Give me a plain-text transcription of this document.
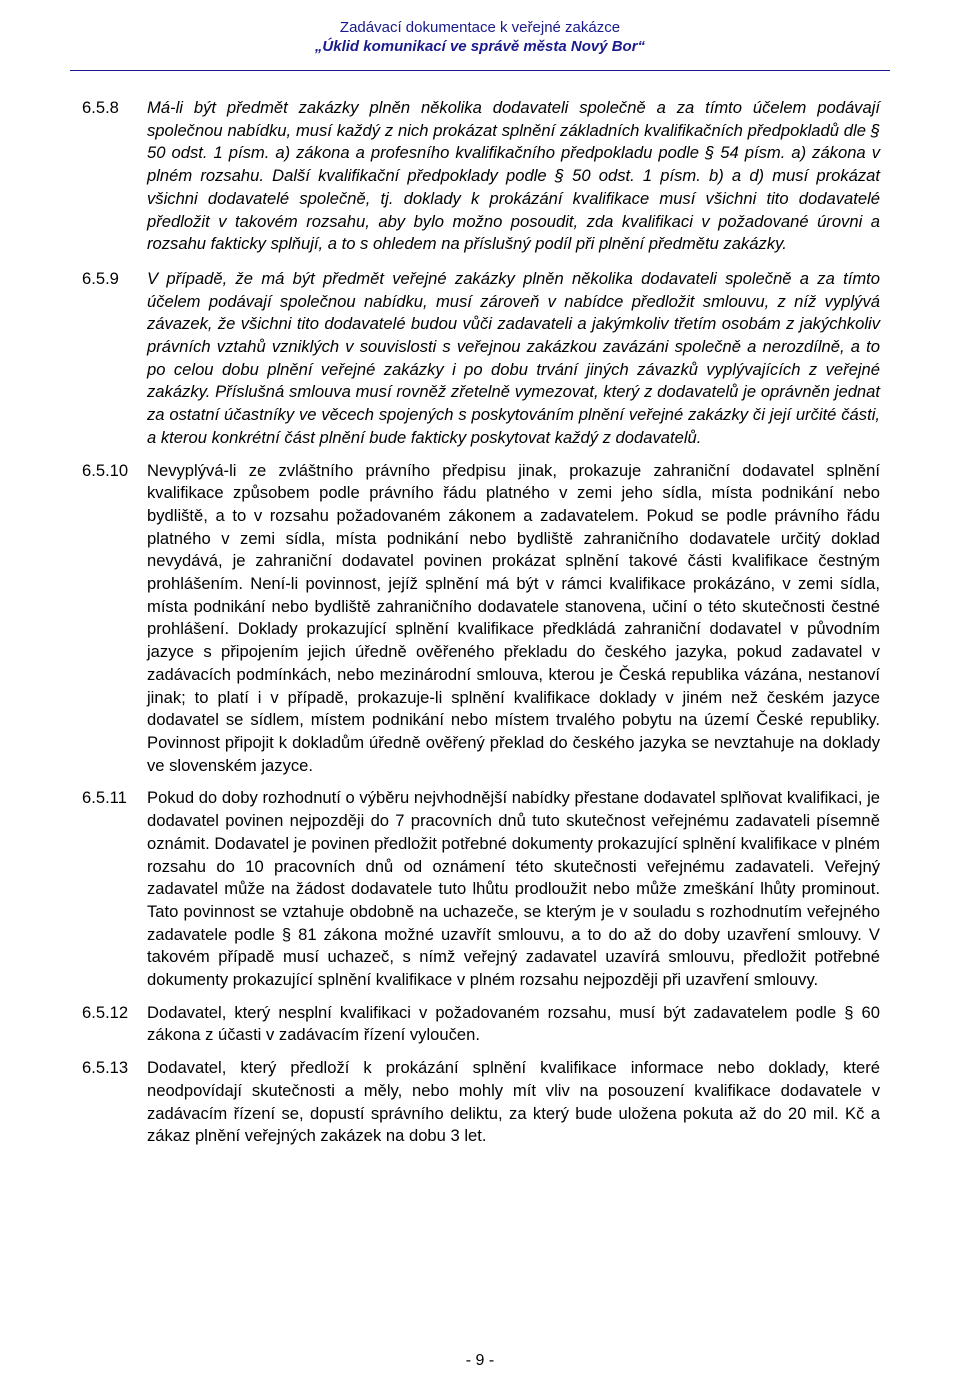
Zadávací dokumentace k veřejné zakázce
„Úklid komunikací ve správě města Nový Bor“
6.5.8 Má-li být předmět zakázky plněn několika dodavateli společně a za tímto účelem podávají společnou nabídku, musí každý z nich prokázat splnění základních kvalifikačních předpokladů dle § 50 odst. 1 písm. a) zákona a profesního kvalifikačního předpokladu podle § 54 písm. a) zákona v plném rozsahu. Další kvalifikační předpoklady podle § 50 odst. 1 písm. b) a d) musí prokázat všichni dodavatelé společně, tj. doklady k prokázání kvalifikace musí všichni tito dodavatelé předložit v takovém rozsahu, aby bylo možno posoudit, zda kvalifikaci v požadované úrovni a rozsahu fakticky splňují, a to s ohledem na příslušný podíl při plnění předmětu zakázky.
6.5.9 V případě, že má být předmět veřejné zakázky plněn několika dodavateli společně a za tímto účelem podávají společnou nabídku, musí zároveň v nabídce předložit smlouvu, z níž vyplývá závazek, že všichni tito dodavatelé budou vůči zadavateli a jakýmkoliv třetím osobám z jakýchkoliv právních vztahů vzniklých v souvislosti s veřejnou zakázkou zavázáni společně a nerozdílně, a to po celou dobu plnění veřejné zakázky i po dobu trvání jiných závazků vyplývajících z veřejné zakázky. Příslušná smlouva musí rovněž zřetelně vymezovat, který z dodavatelů je oprávněn jednat za ostatní účastníky ve věcech spojených s poskytováním plnění veřejné zakázky či její určité části, a kterou konkrétní část plnění bude fakticky poskytovat každý z dodavatelů.
6.5.10 Nevyplývá-li ze zvláštního právního předpisu jinak, prokazuje zahraniční dodavatel splnění kvalifikace způsobem podle právního řádu platného v zemi jeho sídla, místa podnikání nebo bydliště, a to v rozsahu požadovaném zákonem a zadavatelem. Pokud se podle právního řádu platného v zemi sídla, místa podnikání nebo bydliště zahraničního dodavatele určitý doklad nevydává, je zahraniční dodavatel povinen prokázat splnění takové části kvalifikace čestným prohlášením. Není-li povinnost, jejíž splnění má být v rámci kvalifikace prokázáno, v zemi sídla, místa podnikání nebo bydliště zahraničního dodavatele stanovena, učiní o této skutečnosti čestné prohlášení. Doklady prokazující splnění kvalifikace předkládá zahraniční dodavatel v původním jazyce s připojením jejich úředně ověřeného překladu do českého jazyka, pokud zadavatel v zadávacích podmínkách, nebo mezinárodní smlouva, kterou je Česká republika vázána, nestanoví jinak; to platí i v případě, prokazuje-li splnění kvalifikace doklady v jiném než českém jazyce dodavatel se sídlem, místem podnikání nebo místem trvalého pobytu na území České republiky. Povinnost připojit k dokladům úředně ověřený překlad do českého jazyka se nevztahuje na doklady ve slovenském jazyce.
6.5.11 Pokud do doby rozhodnutí o výběru nejvhodnější nabídky přestane dodavatel splňovat kvalifikaci, je dodavatel povinen nejpozději do 7 pracovních dnů tuto skutečnost veřejnému zadavateli písemně oznámit. Dodavatel je povinen předložit potřebné dokumenty prokazující splnění kvalifikace v plném rozsahu do 10 pracovních dnů od oznámení této skutečnosti veřejnému zadavateli. Veřejný zadavatel může na žádost dodavatele tuto lhůtu prodloužit nebo může zmeškání lhůty prominout. Tato povinnost se vztahuje obdobně na uchazeče, se kterým je v souladu s rozhodnutím veřejného zadavatele podle § 81 zákona možné uzavřít smlouvu, a to do až do doby uzavření smlouvy. V takovém případě musí uchazeč, s nímž veřejný zadavatel uzavírá smlouvu, předložit potřebné dokumenty prokazující splnění kvalifikace v plném rozsahu nejpozději při uzavření smlouvy.
6.5.12 Dodavatel, který nesplní kvalifikaci v požadovaném rozsahu, musí být zadavatelem podle § 60 zákona z účasti v zadávacím řízení vyloučen.
6.5.13 Dodavatel, který předloží k prokázání splnění kvalifikace informace nebo doklady, které neodpovídají skutečnosti a měly, nebo mohly mít vliv na posouzení kvalifikace dodavatele v zadávacím řízení se, dopustí správního deliktu, za který bude uložena pokuta až do 20 mil. Kč a zákaz plnění veřejných zakázek na dobu 3 let.
- 9 -
